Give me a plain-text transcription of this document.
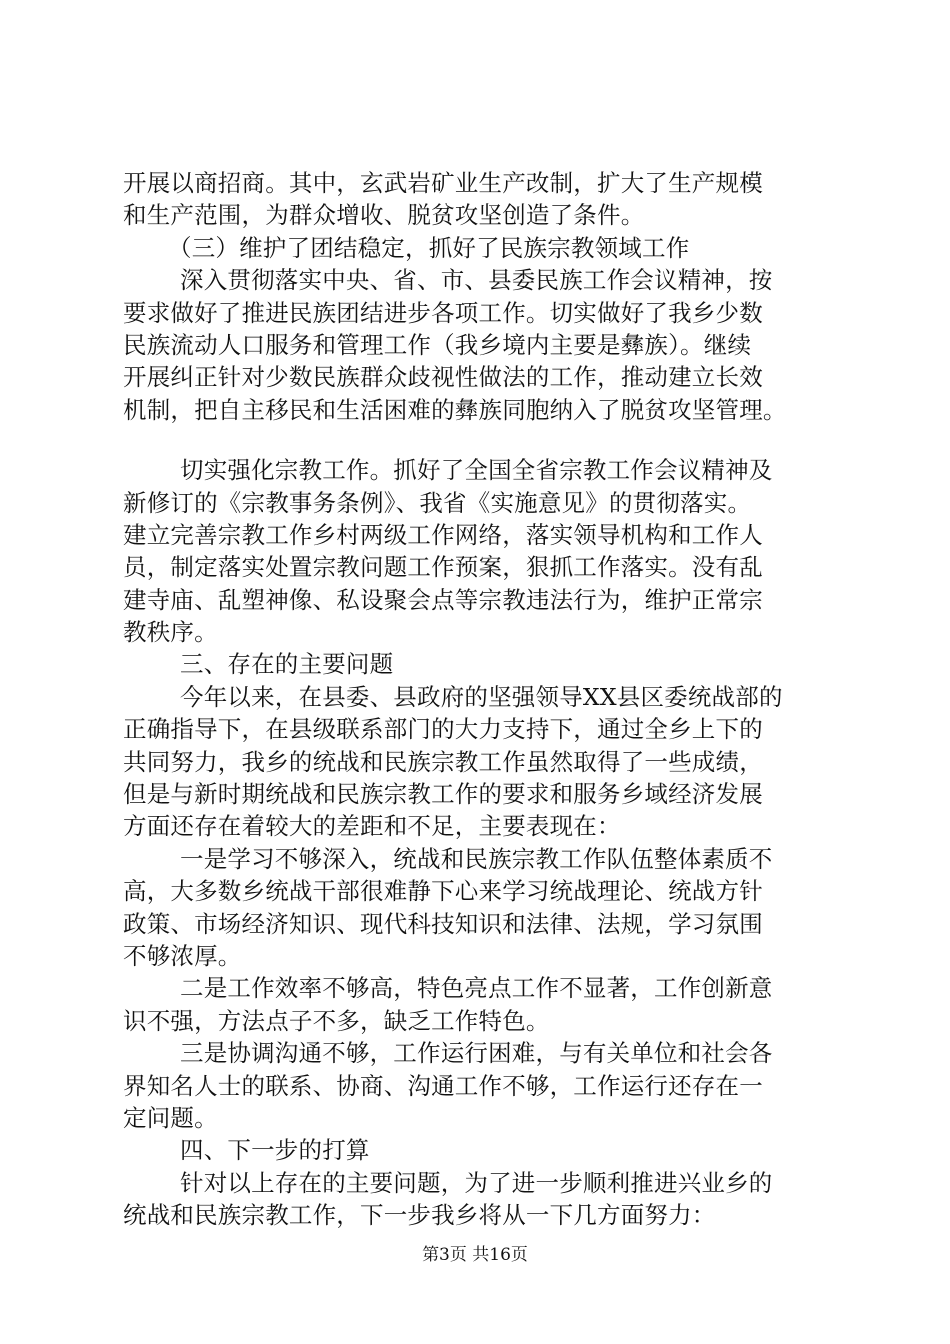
开展以商招商。其中，玄武岩矿业生产改制，扩大了生产规模
和生产范围，为群众增收、脱贫攻坚创造了条件。
（三）维护了团结稳定，抓好了民族宗教领域工作
深入贯彻落实中央、省、市、县委民族工作会议精神，按
要求做好了推进民族团结进步各项工作。切实做好了我乡少数
民族流动人口服务和管理工作（我乡境内主要是彝族）。继续
开展纠正针对少数民族群众歧视性做法的工作，推动建立长效
机制，把自主移民和生活困难的彝族同胞纳入了脱贫攻坚管理。
切实强化宗教工作。抓好了全国全省宗教工作会议精神及
新修订的《宗教事务条例》、我省《实施意见》的贯彻落实。
建立完善宗教工作乡村两级工作网络，落实领导机构和工作人
员，制定落实处置宗教问题工作预案，狠抓工作落实。没有乱
建寺庙、乱塑神像、私设聚会点等宗教违法行为，维护正常宗
教秩序。
三、存在的主要问题
今年以来，在县委、县政府的坚强领导XX县区委统战部的
正确指导下，在县级联系部门的大力支持下，通过全乡上下的
共同努力，我乡的统战和民族宗教工作虽然取得了一些成绩，
但是与新时期统战和民族宗教工作的要求和服务乡域经济发展
方面还存在着较大的差距和不足，主要表现在：
一是学习不够深入，统战和民族宗教工作队伍整体素质不
高，大多数乡统战干部很难静下心来学习统战理论、统战方针
政策、市场经济知识、现代科技知识和法律、法规，学习氛围
不够浓厚。
二是工作效率不够高，特色亮点工作不显著，工作创新意
识不强，方法点子不多，缺乏工作特色。
三是协调沟通不够，工作运行困难，与有关单位和社会各
界知名人士的联系、协商、沟通工作不够，工作运行还存在一
定问题。
四、下一步的打算
针对以上存在的主要问题，为了进一步顺利推进兴业乡的
统战和民族宗教工作，下一步我乡将从一下几方面努力：
第3页 共16页
